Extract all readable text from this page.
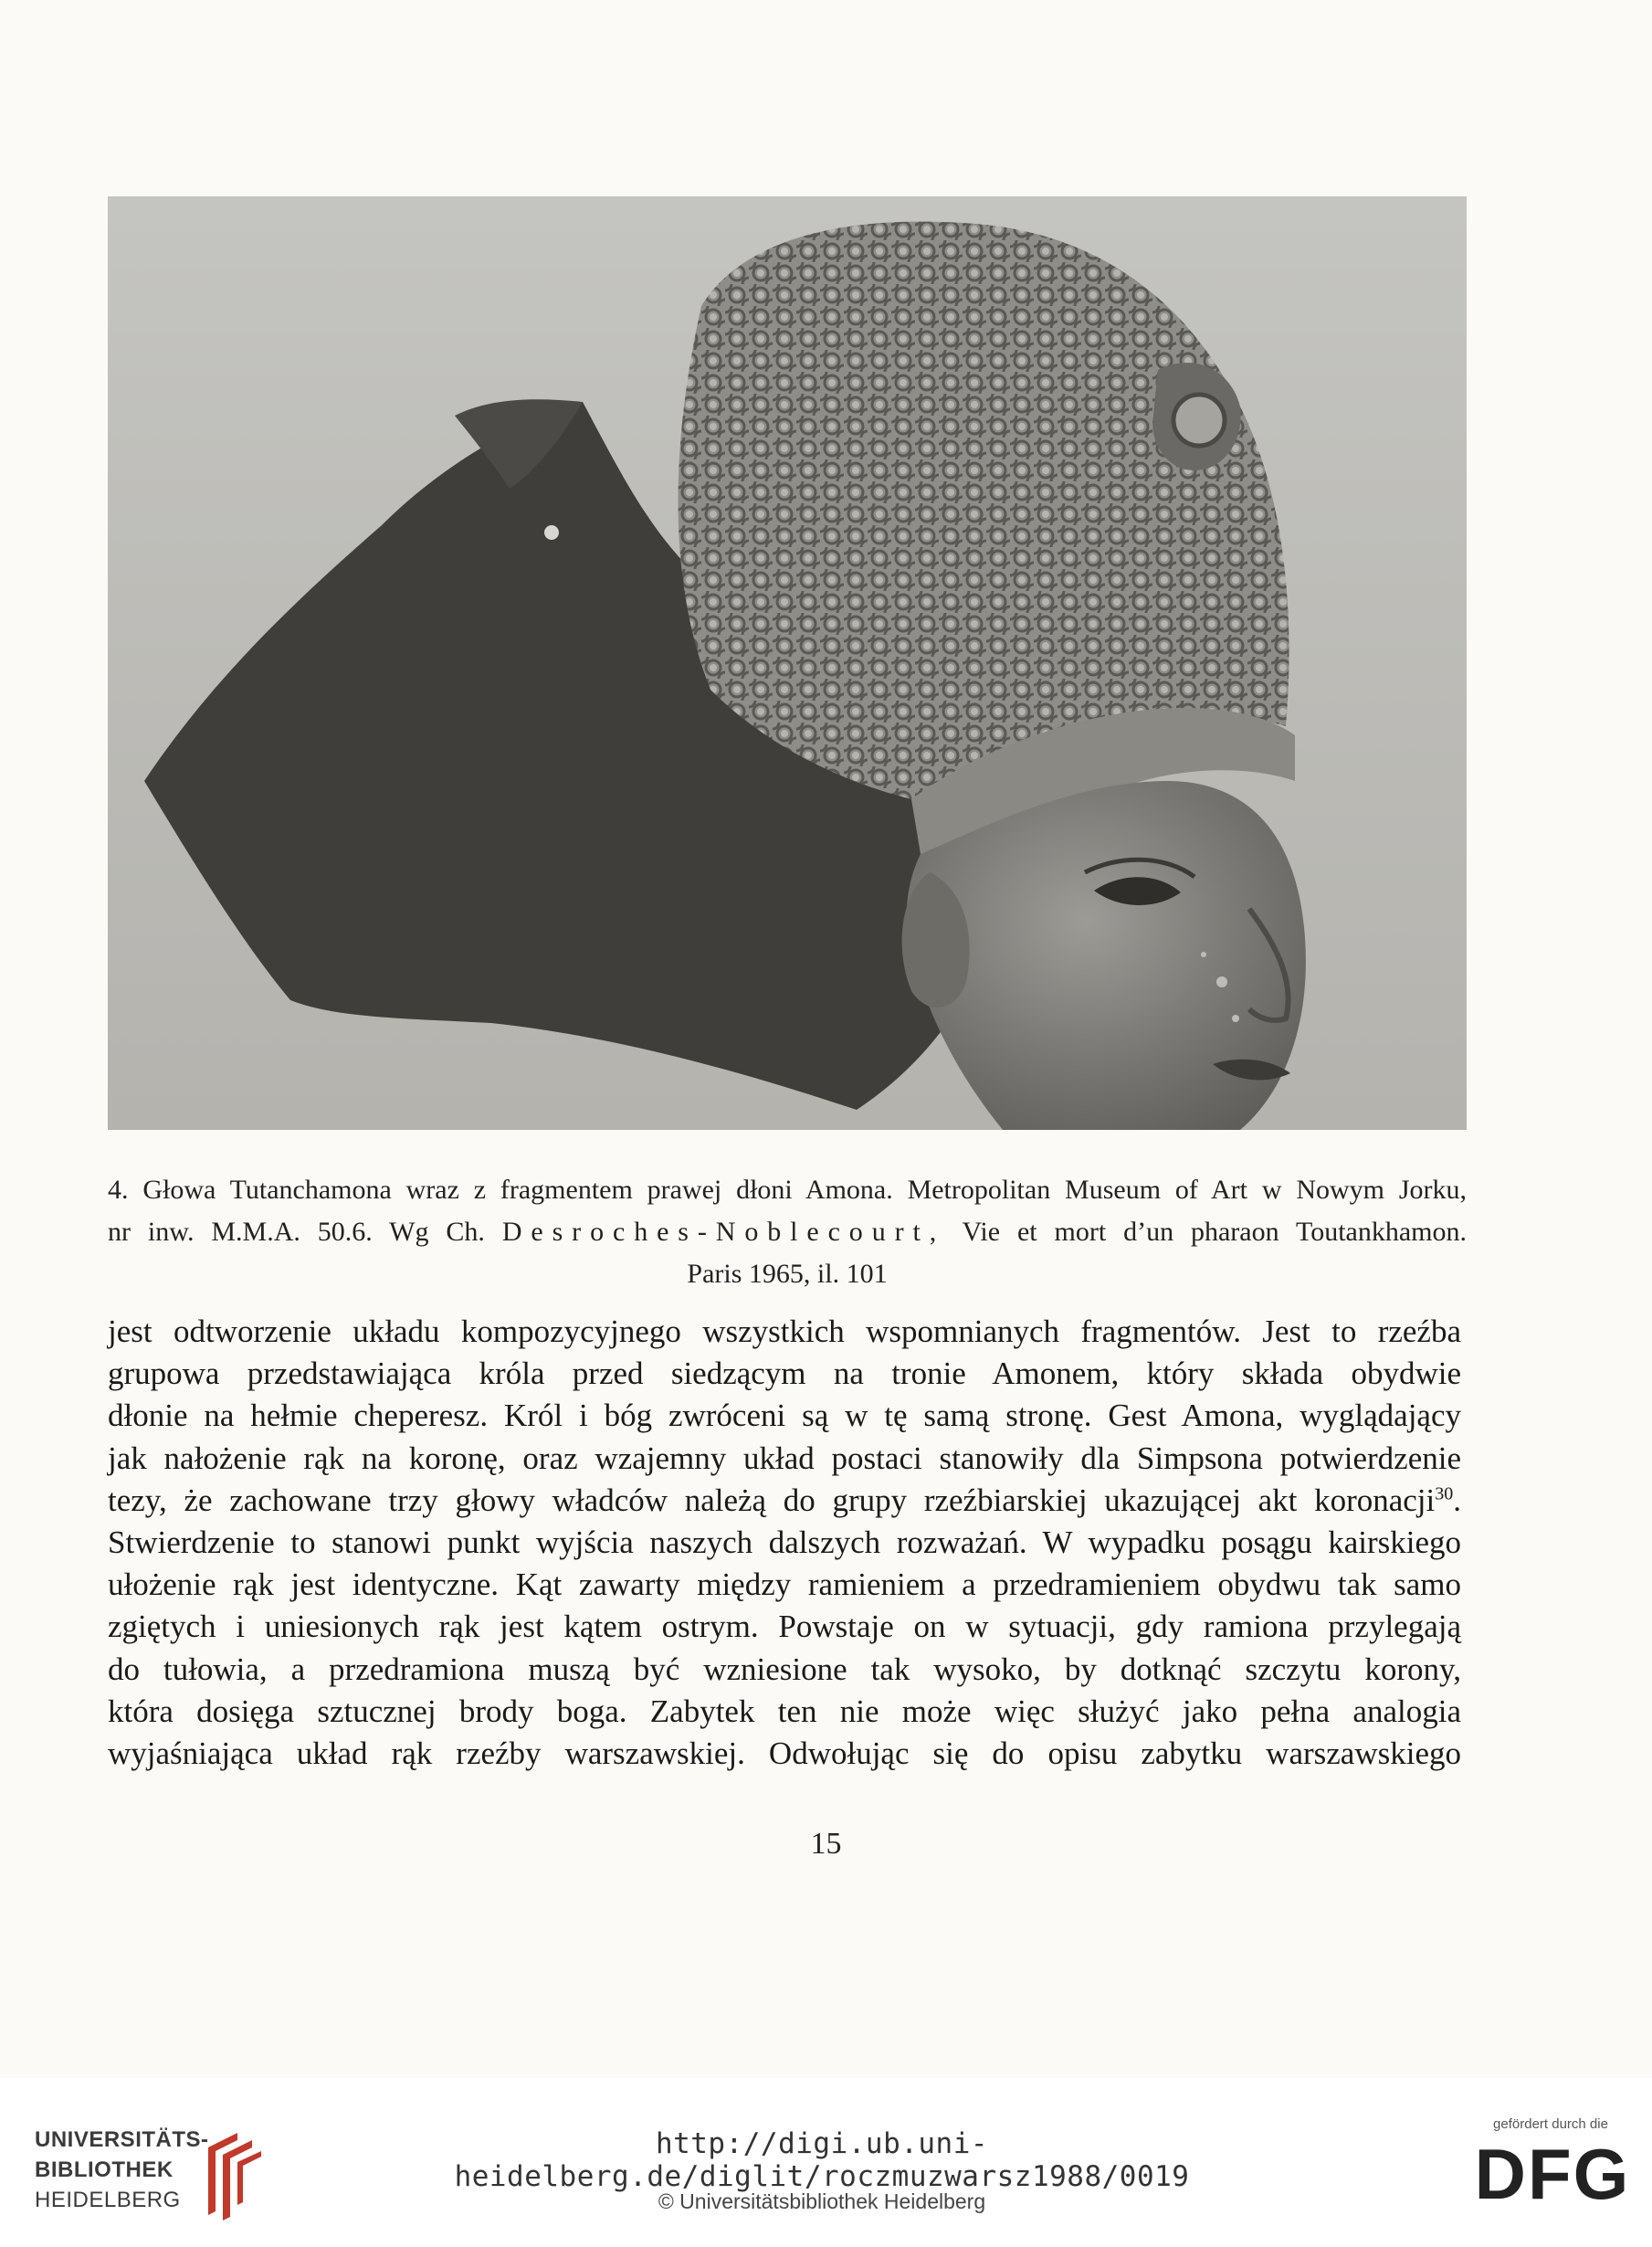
4. Głowa Tutanchamona wraz z fragmentem prawej dłoni Amona. Metropolitan Museum of Art w Nowym Jorku,
nr inw. M.M.A. 50.6. Wg Ch. Desroches-Noblecourt, Vie et mort d’un pharaon Toutankhamon.
Paris 1965, il. 101
jest odtworzenie układu kompozycyjnego wszystkich wspomnianych fragmentów. Jest to rzeźba
grupowa przedstawiająca króla przed siedzącym na tronie Amonem, który składa obydwie
dłonie na hełmie cheperesz. Król i bóg zwróceni są w tę samą stronę. Gest Amona, wyglądający
jak nałożenie rąk na koronę, oraz wzajemny układ postaci stanowiły dla Simpsona potwierdzenie
tezy, że zachowane trzy głowy władców należą do grupy rzeźbiarskiej ukazującej akt koronacji$^{30}$.
Stwierdzenie to stanowi punkt wyjścia naszych dalszych rozważań. W wypadku posągu kairskiego
ułożenie rąk jest identyczne. Kąt zawarty między ramieniem a przedramieniem obydwu tak samo
zgiętych i uniesionych rąk jest kątem ostrym. Powstaje on w sytuacji, gdy ramiona przylegają
do tułowia, a przedramiona muszą być wzniesione tak wysoko, by dotknąć szczytu korony,
która dosięga sztucznej brody boga. Zabytek ten nie może więc służyć jako pełna analogia
wyjaśniająca układ rąk rzeźby warszawskiej. Odwołując się do opisu zabytku warszawskiego
15
UNIVERSITÄTS-
BIBLIOTHEK
HEIDELBERG
http://digi.ub.uni-heidelberg.de/diglit/roczmuzwarsz1988/0019
© Universitätsbibliothek Heidelberg
gefördert durch die
DFG
